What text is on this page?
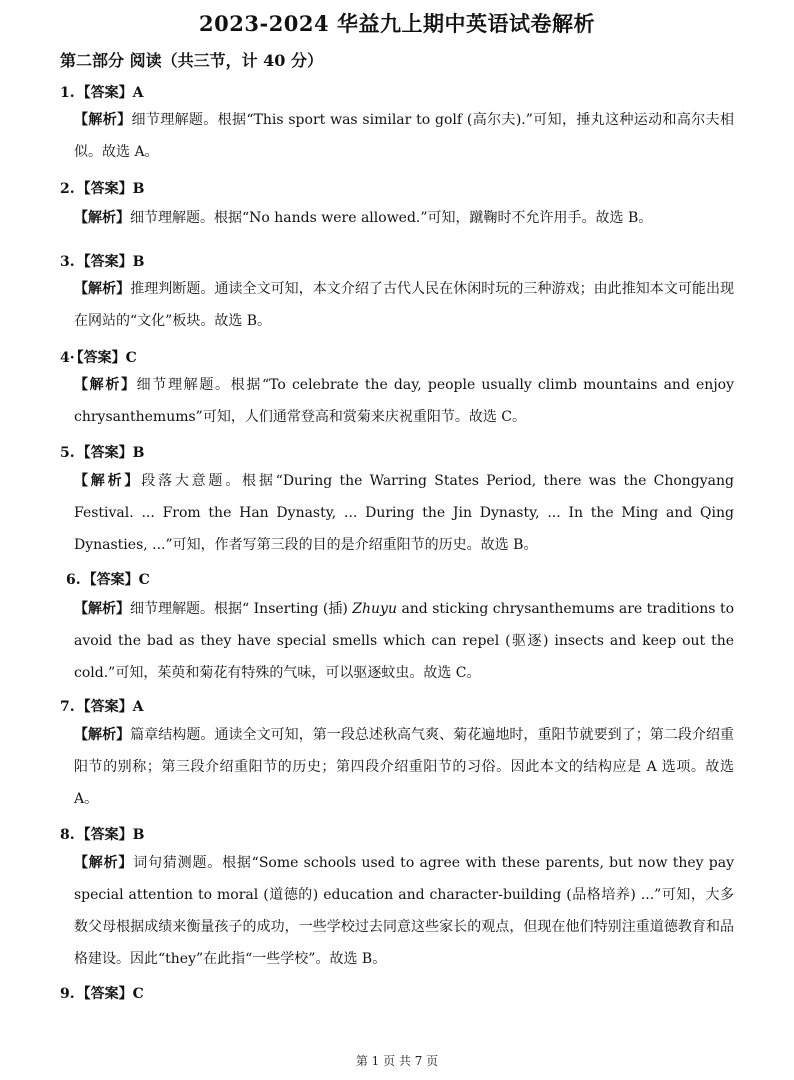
2023-2024 华益九上期中英语试卷解析
第二部分 阅读（共三节，计 40 分）
1. 【答案】A
【解析】细节理解题。根据“This sport was similar to golf (高尔夫).”可知，捶丸这种运动和高尔夫相似。故选 A。
2. 【答案】B
【解析】细节理解题。根据“No hands were allowed.”可知，蹴鞠时不允许用手。故选 B。
3. 【答案】B
【解析】推理判断题。通读全文可知，本文介绍了古代人民在休闲时玩的三种游戏；由此推知本文可能出现在网站的“文化”板块。故选 B。
4· 【答案】C
【解析】细节理解题。根据“To celebrate the day, people usually climb mountains and enjoy chrysanthemums”可知，人们通常登高和赏菊来庆祝重阳节。故选 C。
5. 【答案】B
【解析】段落大意题。根据“During the Warring States Period, there was the Chongyang Festival. ... From the Han Dynasty, ... During the Jin Dynasty, ... In the Ming and Qing Dynasties, ...”可知，作者写第三段的目的是介绍重阳节的历史。故选 B。
6. 【答案】C
【解析】细节理解题。根据“ Inserting (插) Zhuyu and sticking chrysanthemums are traditions to avoid the bad as they have special smells which can repel (驱逐) insects and keep out the cold.”可知，茱萸和菊花有特殊的气味，可以驱逐蚊虫。故选 C。
7. 【答案】A
【解析】篇章结构题。通读全文可知，第一段总述秋高气爽、菊花遍地时，重阳节就要到了；第二段介绍重阳节的别称；第三段介绍重阳节的历史；第四段介绍重阳节的习俗。因此本文的结构应是 A 选项。故选 A。
8. 【答案】B
【解析】词句猜测题。根据“Some schools used to agree with these parents, but now they pay special attention to moral (道德的) education and character-building (品格培养) ...”可知，大多数父母根据成绩来衡量孩子的成功，一些学校过去同意这些家长的观点，但现在他们特别注重道德教育和品格建设。因此“they”在此指“一些学校”。故选 B。
9. 【答案】C
第 1 页 共 7 页
